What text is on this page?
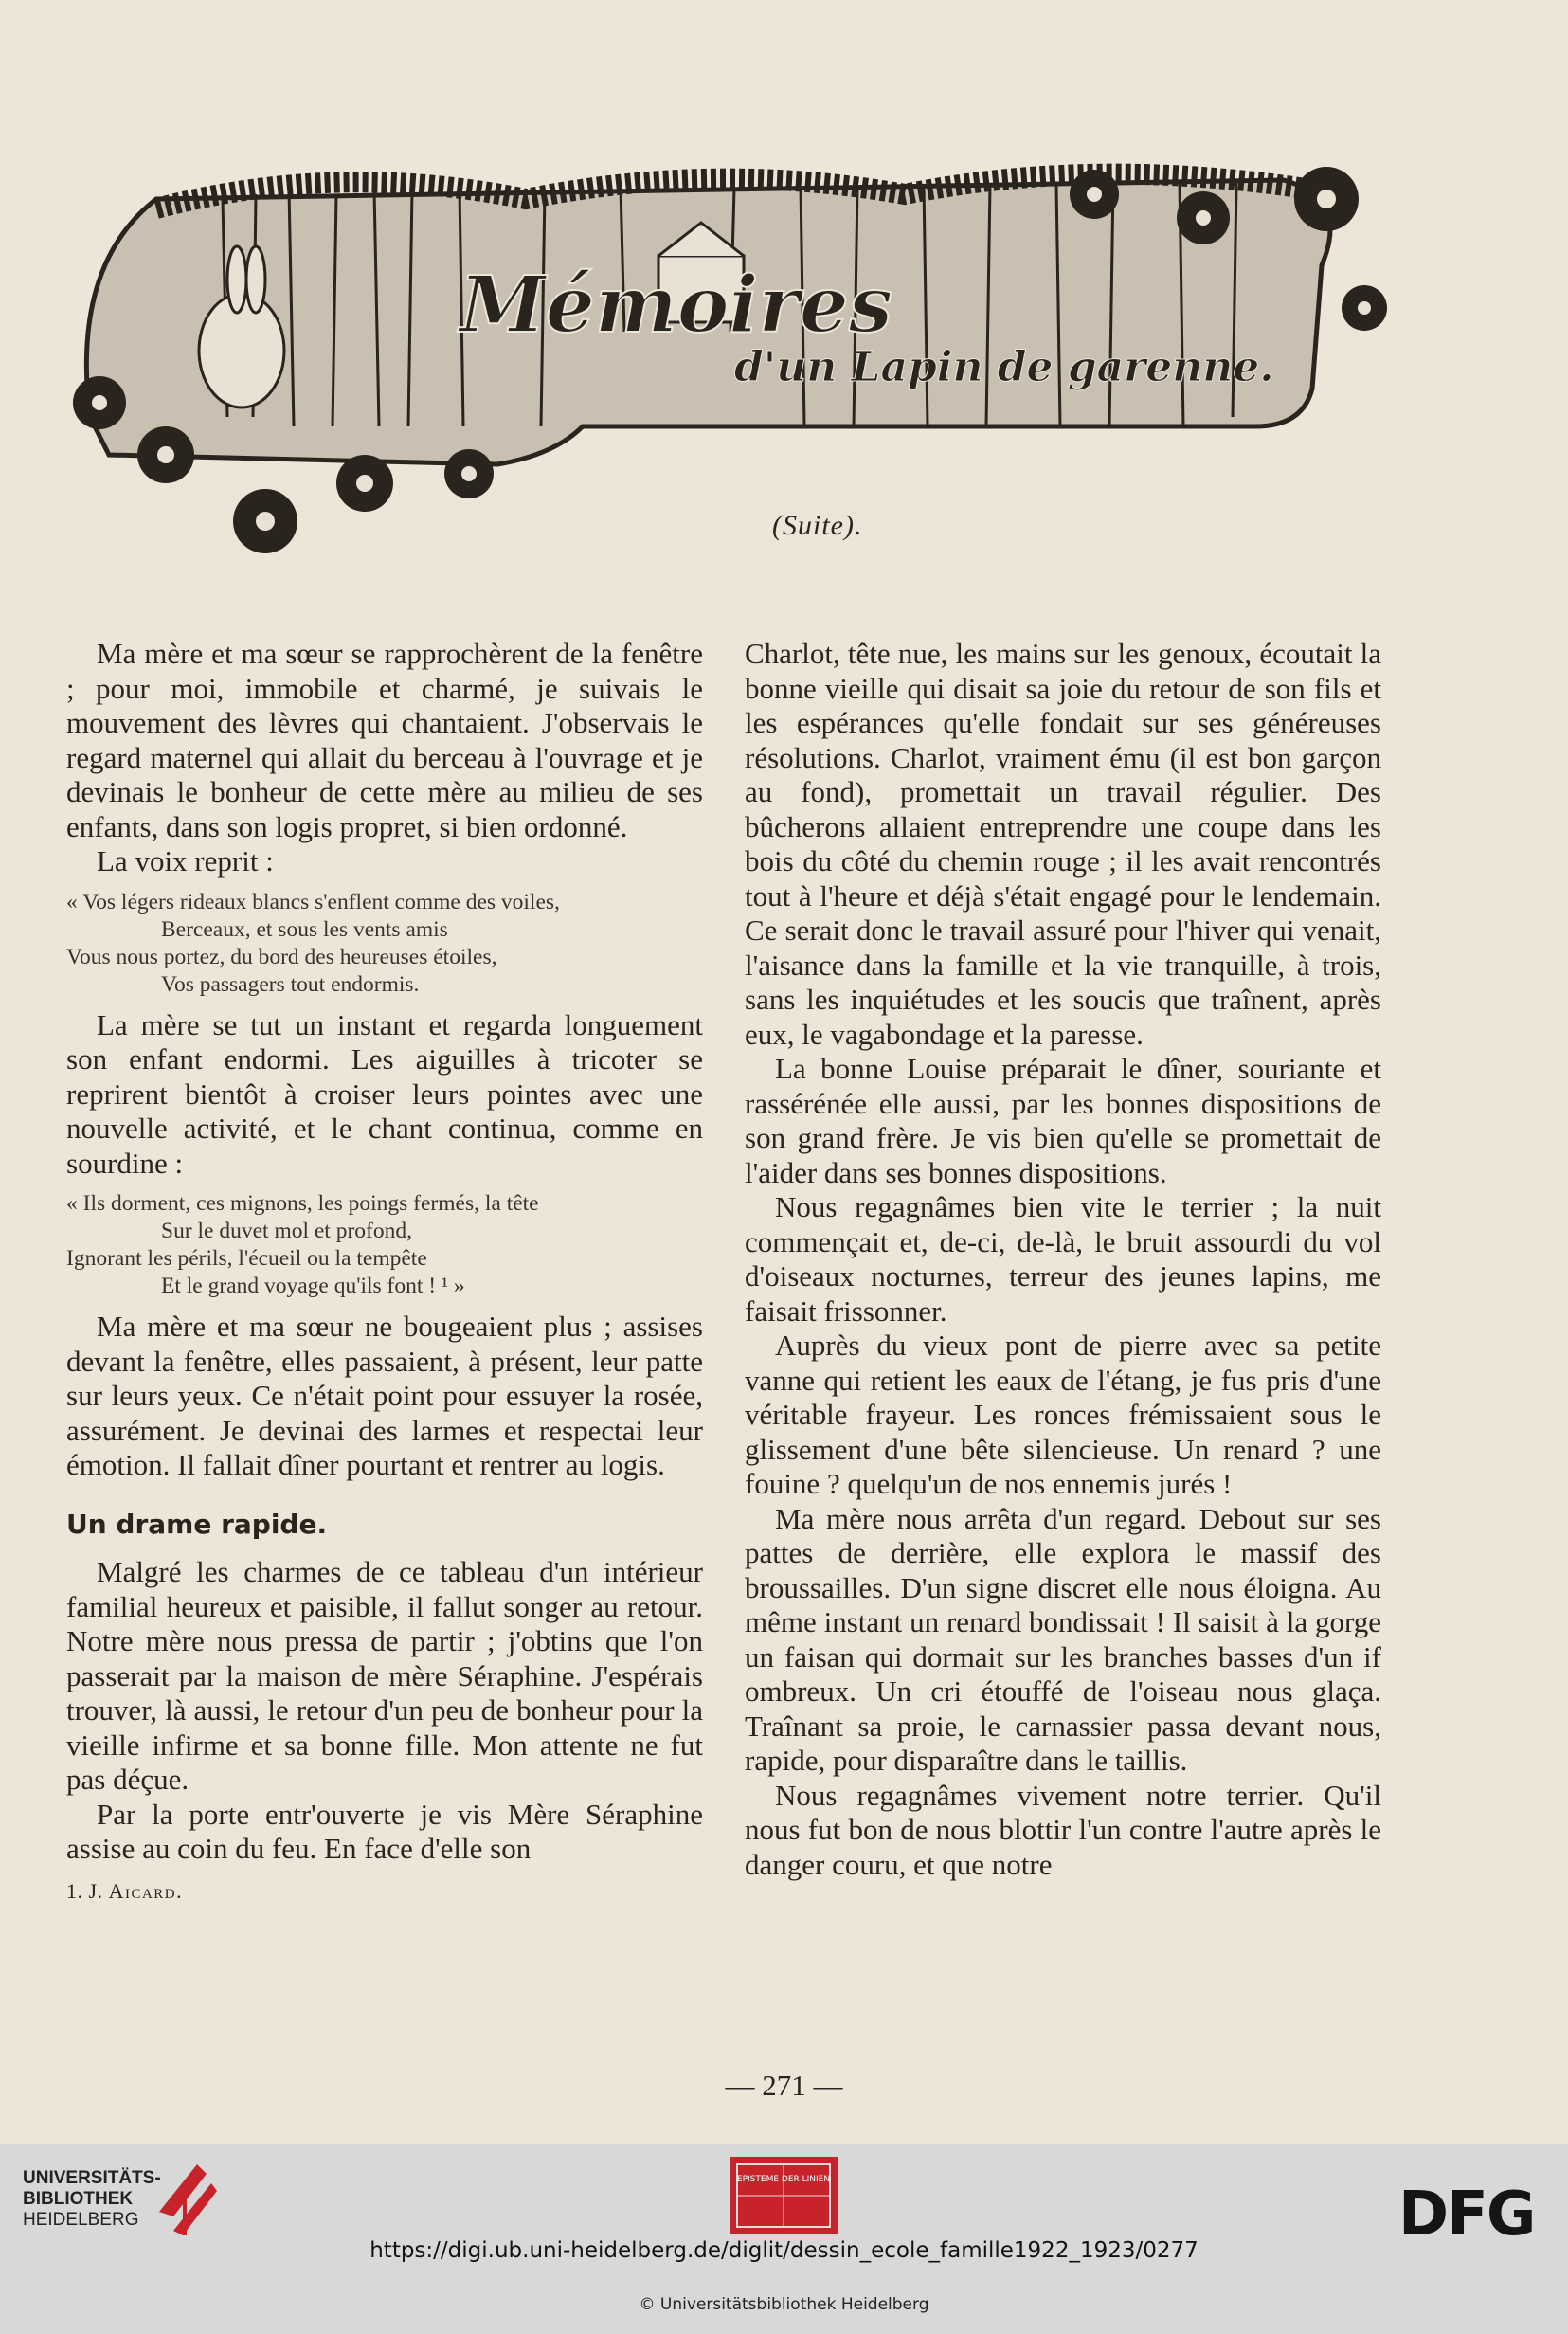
Mémoires
d'un Lapin de garenne.
(Suite).

Ma mère et ma sœur se rapprochèrent de la fenêtre ; pour moi, immobile et charmé, je suivais le mouvement des lèvres qui chantaient. J'observais le regard maternel qui allait du berceau à l'ouvrage et je devinais le bonheur de cette mère au milieu de ses enfants, dans son logis propret, si bien ordonné.

La voix reprit :

« Vos légers rideaux blancs s'enflent comme des voiles,
Berceaux, et sous les vents amis
Vous nous portez, du bord des heureuses étoiles,
Vos passagers tout endormis.

La mère se tut un instant et regarda longuement son enfant endormi. Les aiguilles à tricoter se reprirent bientôt à croiser leurs pointes avec une nouvelle activité, et le chant continua, comme en sourdine :

« Ils dorment, ces mignons, les poings fermés, la tête
Sur le duvet mol et profond,
Ignorant les périls, l'écueil ou la tempête
Et le grand voyage qu'ils font ! ¹ »

Ma mère et ma sœur ne bougeaient plus ; assises devant la fenêtre, elles passaient, à présent, leur patte sur leurs yeux. Ce n'était point pour essuyer la rosée, assurément. Je devinai des larmes et respectai leur émotion. Il fallait dîner pourtant et rentrer au logis.

Un drame rapide.

Malgré les charmes de ce tableau d'un intérieur familial heureux et paisible, il fallut songer au retour. Notre mère nous pressa de partir ; j'obtins que l'on passerait par la maison de mère Séraphine. J'espérais trouver, là aussi, le retour d'un peu de bonheur pour la vieille infirme et sa bonne fille. Mon attente ne fut pas déçue.

Par la porte entr'ouverte je vis Mère Séraphine assise au coin du feu. En face d'elle son

1. J. Aicard.

Charlot, tête nue, les mains sur les genoux, écoutait la bonne vieille qui disait sa joie du retour de son fils et les espérances qu'elle fondait sur ses généreuses résolutions. Charlot, vraiment ému (il est bon garçon au fond), promettait un travail régulier. Des bûcherons allaient entreprendre une coupe dans les bois du côté du chemin rouge ; il les avait rencontrés tout à l'heure et déjà s'était engagé pour le lendemain. Ce serait donc le travail assuré pour l'hiver qui venait, l'aisance dans la famille et la vie tranquille, à trois, sans les inquiétudes et les soucis que traînent, après eux, le vagabondage et la paresse.

La bonne Louise préparait le dîner, souriante et rassérénée elle aussi, par les bonnes dispositions de son grand frère. Je vis bien qu'elle se promettait de l'aider dans ses bonnes dispositions.

Nous regagnâmes bien vite le terrier ; la nuit commençait et, de-ci, de-là, le bruit assourdi du vol d'oiseaux nocturnes, terreur des jeunes lapins, me faisait frissonner.

Auprès du vieux pont de pierre avec sa petite vanne qui retient les eaux de l'étang, je fus pris d'une véritable frayeur. Les ronces frémissaient sous le glissement d'une bête silencieuse. Un renard ? une fouine ? quelqu'un de nos ennemis jurés !

Ma mère nous arrêta d'un regard. Debout sur ses pattes de derrière, elle explora le massif des broussailles. D'un signe discret elle nous éloigna. Au même instant un renard bondissait ! Il saisit à la gorge un faisan qui dormait sur les branches basses d'un if ombreux. Un cri étouffé de l'oiseau nous glaça. Traînant sa proie, le carnassier passa devant nous, rapide, pour disparaître dans le taillis.

Nous regagnâmes vivement notre terrier. Qu'il nous fut bon de nous blottir l'un contre l'autre après le danger couru, et que notre

— 271 —
UNIVERSITÄTS-
BIBLIOTHEK
HEIDELBERG
EPISTEME DER LINIEN	DFG
https://digi.ub.uni-heidelberg.de/diglit/dessin_ecole_famille1922_1923/0277
© Universitätsbibliothek Heidelberg
